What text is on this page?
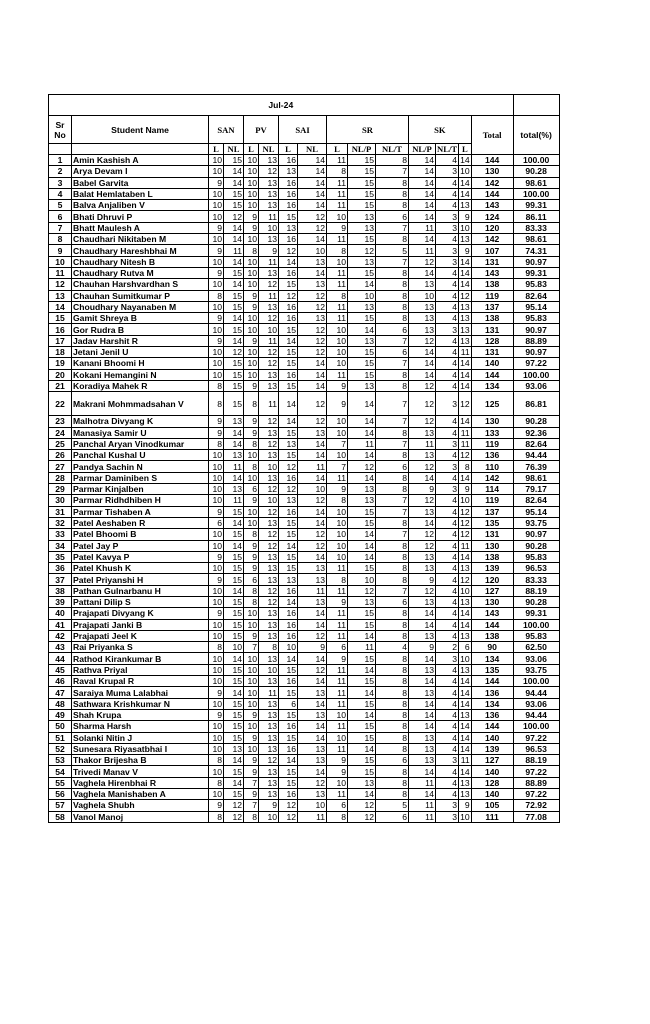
Jul-24															
Sr
No	Student Name	SAN		PV		SAI		SR			SK			Total	total(%)
		L	NL	L	NL	L	NL	L	NL/P	NL/T	NL/P	NL/T	L		
1	Amin Kashish A	10	15	10	13	16	14	11	15	8	14	4	14	144	100.00
2	Arya Devam I	10	14	10	12	13	14	8	15	7	14	3	10	130	90.28
3	Babel Garvita	9	14	10	13	16	14	11	15	8	14	4	14	142	98.61
4	Balat Hemlataben L	10	15	10	13	16	14	11	15	8	14	4	14	144	100.00
5	Balva Anjaliben V	10	15	10	13	16	14	11	15	8	14	4	13	143	99.31
6	Bhati Dhruvi P	10	12	9	11	15	12	10	13	6	14	3	9	124	86.11
7	Bhatt Maulesh A	9	14	9	10	13	12	9	13	7	11	3	10	120	83.33
8	Chaudhari Nikitaben M	10	14	10	13	16	14	11	15	8	14	4	13	142	98.61
9	Chaudhary Hareshbhai M	9	11	8	9	12	10	8	12	5	11	3	9	107	74.31
10	Chaudhary Nitesh B	10	14	10	11	14	13	10	13	7	12	3	14	131	90.97
11	Chaudhary Rutva M	9	15	10	13	16	14	11	15	8	14	4	14	143	99.31
12	Chauhan Harshvardhan S	10	14	10	12	15	13	11	14	8	13	4	14	138	95.83
13	Chauhan Sumitkumar P	8	15	9	11	12	12	8	10	8	10	4	12	119	82.64
14	Choudhary Nayanaben M	10	15	9	13	16	12	11	13	8	13	4	13	137	95.14
15	Gamit Shreya B	9	14	10	12	16	13	11	15	8	13	4	13	138	95.83
16	Gor Rudra B	10	15	10	10	15	12	10	14	6	13	3	13	131	90.97
17	Jadav Harshit R	9	14	9	11	14	12	10	13	7	12	4	13	128	88.89
18	Jetani Jenil U	10	12	10	12	15	12	10	15	6	14	4	11	131	90.97
19	Kanani Bhoomi H	10	15	10	12	15	14	10	15	7	14	4	14	140	97.22
20	Kokani Hemangini N	10	15	10	13	16	14	11	15	8	14	4	14	144	100.00
21	Koradiya Mahek R	8	15	9	13	15	14	9	13	8	12	4	14	134	93.06
22	Makrani Mohmmadsahan V	8	15	8	11	14	12	9	14	7	12	3	12	125	86.81
23	Malhotra Divyang K	9	13	9	12	14	12	10	14	7	12	4	14	130	90.28
24	Manasiya Samir U	9	14	9	13	15	13	10	14	8	13	4	11	133	92.36
25	Panchal Aryan Vinodkumar	8	14	8	12	13	14	7	11	7	11	3	11	119	82.64
26	Panchal Kushal U	10	13	10	13	15	14	10	14	8	13	4	12	136	94.44
27	Pandya Sachin N	10	11	8	10	12	11	7	12	6	12	3	8	110	76.39
28	Parmar Daminiben S	10	14	10	13	16	14	11	14	8	14	4	14	142	98.61
29	Parmar Kinjalben	10	13	6	12	12	10	9	13	8	9	3	9	114	79.17
30	Parmar Ridhdhiben H	10	11	9	10	13	12	8	13	7	12	4	10	119	82.64
31	Parmar Tishaben A	9	15	10	12	16	14	10	15	7	13	4	12	137	95.14
32	Patel Aeshaben R	6	14	10	13	15	14	10	15	8	14	4	12	135	93.75
33	Patel Bhoomi B	10	15	8	12	15	12	10	14	7	12	4	12	131	90.97
34	Patel Jay P	10	14	9	12	14	12	10	14	8	12	4	11	130	90.28
35	Patel Kavya P	9	15	9	13	15	14	10	14	8	13	4	14	138	95.83
36	Patel Khush K	10	15	9	13	15	13	11	15	8	13	4	13	139	96.53
37	Patel Priyanshi H	9	15	6	13	13	13	8	10	8	9	4	12	120	83.33
38	Pathan Gulnarbanu H	10	14	8	12	16	11	11	12	7	12	4	10	127	88.19
39	Pattani Dilip S	10	15	8	12	14	13	9	13	6	13	4	13	130	90.28
40	Prajapati Divyang K	9	15	10	13	16	14	11	15	8	14	4	14	143	99.31
41	Prajapati Janki B	10	15	10	13	16	14	11	15	8	14	4	14	144	100.00
42	Prajapati Jeel K	10	15	9	13	16	12	11	14	8	13	4	13	138	95.83
43	Rai Priyanka S	8	10	7	8	10	9	6	11	4	9	2	6	90	62.50
44	Rathod Kirankumar B	10	14	10	13	14	14	9	15	8	14	3	10	134	93.06
45	Rathva Priyal	10	15	10	10	15	12	11	14	8	13	4	13	135	93.75
46	Raval Krupal R	10	15	10	13	16	14	11	15	8	14	4	14	144	100.00
47	Saraiya Muma Lalabhai	9	14	10	11	15	13	11	14	8	13	4	14	136	94.44
48	Sathwara Krishkumar N	10	15	10	13	6	14	11	15	8	14	4	14	134	93.06
49	Shah Krupa	9	15	9	13	15	13	10	14	8	14	4	13	136	94.44
50	Sharma Harsh	10	15	10	13	16	14	11	15	8	14	4	14	144	100.00
51	Solanki Nitin J	10	15	9	13	15	14	10	15	8	13	4	14	140	97.22
52	Sunesara Riyasatbhai I	10	13	10	13	16	13	11	14	8	13	4	14	139	96.53
53	Thakor Brijesha B	8	14	9	12	14	13	9	15	6	13	3	11	127	88.19
54	Trivedi Manav V	10	15	9	13	15	14	9	15	8	14	4	14	140	97.22
55	Vaghela Hirenbhai R	8	14	7	13	15	12	10	13	8	11	4	13	128	88.89
56	Vaghela Manishaben A	10	15	9	13	16	13	11	14	8	14	4	13	140	97.22
57	Vaghela Shubh	9	12	7	9	12	10	6	12	5	11	3	9	105	72.92
58	Vanol Manoj	8	12	8	10	12	11	8	12	6	11	3	10	111	77.08
